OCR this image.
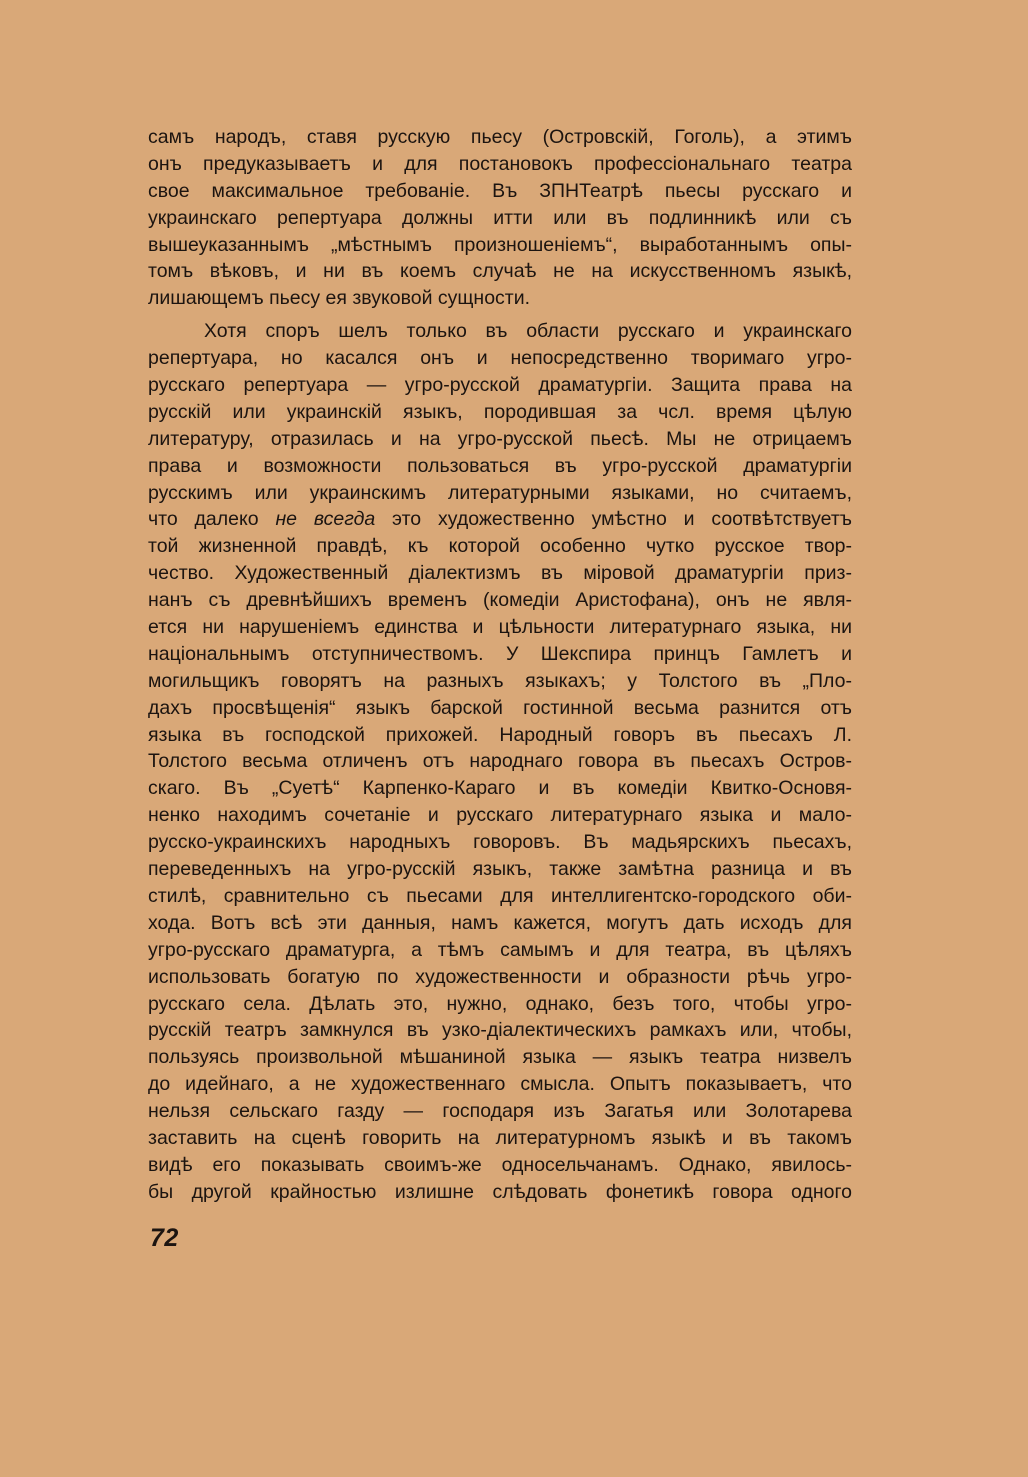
самъ народъ, ставя русскую пьесу (Островскій, Гоголь), а этимъ
онъ предуказываетъ и для постановокъ профессіональнаго театра
свое максимальное требованіе. Въ ЗПНТеатрѣ пьесы русскаго и
украинскаго репертуара должны итти или въ подлинникѣ или съ
вышеуказаннымъ „мѣстнымъ произношеніемъ“, выработаннымъ опы-
томъ вѣковъ, и ни въ коемъ случаѣ не на искусственномъ языкѣ,
лишающемъ пьесу ея звуковой сущности.
Хотя споръ шелъ только въ области русскаго и украинскаго
репертуара, но касался онъ и непосредственно творимаго угро-
русскаго репертуара — угро-русской драматургіи. Защита права на
русскій или украинскій языкъ, породившая за чсл. время цѣлую
литературу, отразилась и на угро-русской пьесѣ. Мы не отрицаемъ
права и возможности пользоваться въ угро-русской драматургіи
русскимъ или украинскимъ литературными языками, но считаемъ,
что далеко не всегда это художественно умѣстно и соотвѣтствуетъ
той жизненной правдѣ, къ которой особенно чутко русское твор-
чество. Художественный діалектизмъ въ міровой драматургіи приз-
нанъ съ древнѣйшихъ временъ (комедіи Аристофана), онъ не явля-
ется ни нарушеніемъ единства и цѣльности литературнаго языка, ни
національнымъ отступничествомъ. У Шекспира принцъ Гамлетъ и
могильщикъ говорятъ на разныхъ языкахъ; у Толстого въ „Пло-
дахъ просвѣщенія“ языкъ барской гостинной весьма разнится отъ
языка въ господской прихожей. Народный говоръ въ пьесахъ Л.
Толстого весьма отличенъ отъ народнаго говора въ пьесахъ Остров-
скаго. Въ „Суетѣ“ Карпенко-Караго и въ комедіи Квитко-Основя-
ненко находимъ сочетаніе и русскаго литературнаго языка и мало-
русско-украинскихъ народныхъ говоровъ. Въ мадьярскихъ пьесахъ,
переведенныхъ на угро-русскій языкъ, также замѣтна разница и въ
стилѣ, сравнительно съ пьесами для интеллигентско-городского оби-
хода. Вотъ всѣ эти данныя, намъ кажется, могутъ дать исходъ для
угро-русскаго драматурга, а тѣмъ самымъ и для театра, въ цѣляхъ
использовать богатую по художественности и образности рѣчь угро-
русскаго села. Дѣлать это, нужно, однако, безъ того, чтобы угро-
русскій театръ замкнулся въ узко-діалектическихъ рамкахъ или, чтобы,
пользуясь произвольной мѣшаниной языка — языкъ театра низвелъ
до идейнаго, а не художественнаго смысла. Опытъ показываетъ, что
нельзя сельскаго газду — господаря изъ Загатья или Золотарева
заставить на сценѣ говорить на литературномъ языкѣ и въ такомъ
видѣ его показывать своимъ-же односельчанамъ. Однако, явилось-
бы другой крайностью излишне слѣдовать фонетикѣ говора одного
72
